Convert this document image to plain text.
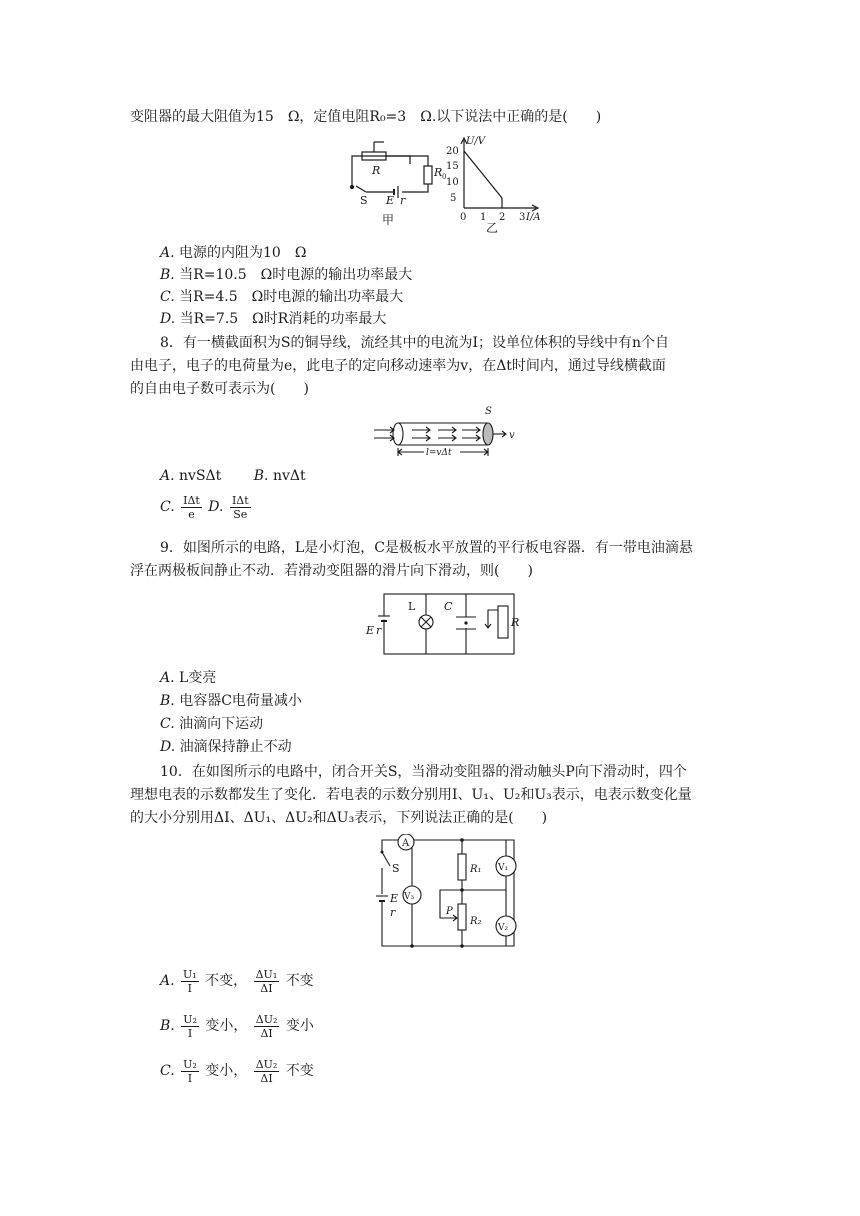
变阻器的最大阻值为15　Ω，定值电阻R₀=3　Ω.以下说法中正确的是(　　)
R	R 0
S E r
甲
U/V
20
15
10
5
0 1 2 3 I/A
乙
A. 电源的内阻为10　Ω
B. 当R=10.5　Ω时电源的输出功率最大
C. 当R=4.5　Ω时电源的输出功率最大
D. 当R=7.5　Ω时R消耗的功率最大
8．有一横截面积为S的铜导线，流经其中的电流为I；设单位体积的导线中有n个自
由电子，电子的电荷量为e，此电子的定向移动速率为v，在Δt时间内，通过导线横截面
的自由电子数可表示为(　　)
S
v
l=vΔt
A. nvSΔt　　 B. nvΔt
C. $\frac{\text{IΔt}}{e} D$. $\frac{\text{IΔt}}{Se}$
9．如图所示的电路，L是小灯泡，C是极板水平放置的平行板电容器．有一带电油滴悬
浮在两极板间静止不动．若滑动变阻器的滑片向下滑动，则(　　)
L	C
E r
R
A. L变亮
B. 电容器C电荷量减小
C. 油滴向下运动
D. 油滴保持静止不动
10．在如图所示的电路中，闭合开关S，当滑动变阻器的滑动触头P向下滑动时，四个
理想电表的示数都发生了变化．若电表的示数分别用I、U₁、U₂和U₃表示，电表示数变化量
的大小分别用ΔI、ΔU₁、ΔU₂和ΔU₃表示，下列说法正确的是(　　)
A
S
E
r
V₃
R₁ V₁
P
R₂
V₂
A. $\frac{\text{U₁}}{I}$ 不变， $\frac{\text{ΔU₁}}{\Delta I}$ 不变
B. $\frac{\text{U₂}}{I}$ 变小， $\frac{\text{ΔU₂}}{\Delta I}$ 变小
C. $\frac{\text{U₂}}{I}$ 变小， $\frac{\text{ΔU₂}}{\Delta I}$ 不变
